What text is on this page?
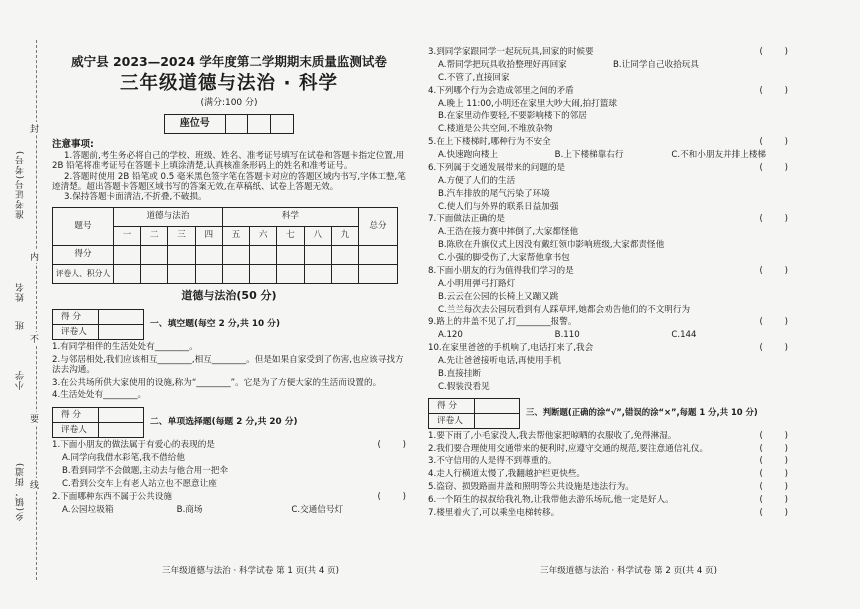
准考证号(考号)
姓名
班
小学
乡(镇、街道)
封
内
不
要
线
威宁县 2023—2024 学年度第二学期期末质量监测试卷
三年级道德与法治 · 科学
(满分:100 分)
座位号
注意事项:
1.答题前,考生务必将自己的学校、班级、姓名、准考证号填写在试卷和答题卡指定位置,用2B 铅笔将准考证号在答题卡上填涂清楚,认真核准条形码上的姓名和准考证号。
2.答题时使用 2B 铅笔或 0.5 毫米黑色签字笔在答题卡对应的答题区域内书写,字体工整,笔迹清楚。超出答题卡答题区域书写的答案无效,在草稿纸、试卷上答题无效。
3.保持答题卡面清洁,不折叠,不破损。
题号	道德与法治				科学					总分
	一	二	三	四	五	六	七	八	九	
得分										
评卷人、积分人										
道德与法治(50 分)
得 分
评卷人
一、填空题(每空 2 分,共 10 分)
1.有同学相伴的生活处处有________。
2.与邻居相处,我们应该相互________,相互________。但是如果自家受到了伤害,也应该寻找方法去沟通。
3.在公共场所供大家使用的设施,称为“________”。它是为了方便大家的生活而设置的。
4.生活处处有________。
得 分
评卷人
二、单项选择题(每题 2 分,共 20 分)
1.下面小朋友的做法属于有爱心的表现的是	(        )
A.同学向我借水彩笔,我不借给他
B.看到同学不会做题,主动去与他合用一把伞
C.看到公交车上有老人站立也不愿意让座
2.下面哪种东西不属于公共设施	(        )
A.公园垃圾箱	B.商场	C.交通信号灯
3.到同学家跟同学一起玩玩具,回家的时候要	(        )
A.帮同学把玩具收拾整理好再回家	B.让同学自己收拾玩具
C.不管了,直接回家
4.下列哪个行为会造成邻里之间的矛盾	(        )
A.晚上 11:00,小明还在家里大吵大闹,拍打篮球
B.在家里动作要轻,不要影响楼下的邻居
C.楼道是公共空间,不堆放杂物
5.在上下楼梯时,哪种行为不安全	(        )
A.快速跑向楼上	B.上下楼梯靠右行	C.不和小朋友并排上楼梯
6.下列属于交通发展带来的问题的是	(        )
A.方便了人们的生活
B.汽车排放的尾气污染了环境
C.使人们与外界的联系日益加强
7.下面做法正确的是	(        )
A.王浩在接力赛中摔倒了,大家都怪他
B.陈欣在升旗仪式上因没有戴红领巾影响班级,大家都责怪他
C.小强的脚受伤了,大家帮他拿书包
8.下面小朋友的行为值得我们学习的是	(        )
A.小明用弹弓打路灯
B.云云在公园的长椅上又蹦又跳
C.兰兰每次去公园玩看到有人踩草坪,她都会劝告他们的不文明行为
9.路上的井盖不见了,打________报警。	(        )
A.120	B.110	C.144
10.在家里爸爸的手机响了,电话打来了,我会	(        )
A.先让爸爸接听电话,再使用手机
B.直接挂断
C.假装没看见
得 分
评卷人
三、判断题(正确的涂“√”,错误的涂“×”,每题 1 分,共 10 分)
1.要下雨了,小毛家没人,我去帮他家把晾晒的衣服收了,免得淋湿。	(        )
2.我们要合理使用交通带来的便利时,应遵守交通的规范,要注意通信礼仪。	(        )
3.不守信用的人是得不到尊重的。	(        )
4.走人行横道太慢了,我翻越护栏更快些。	(        )
5.盗窃、损毁路面井盖和照明等公共设施是违法行为。	(        )
6.一个陌生的叔叔给我礼物,让我带他去游乐场玩,他一定是好人。	(        )
7.楼里着火了,可以乘坐电梯转移。	(        )
三年级道德与法治 · 科学试卷 第 1 页(共 4 页)	三年级道德与法治 · 科学试卷 第 2 页(共 4 页)
